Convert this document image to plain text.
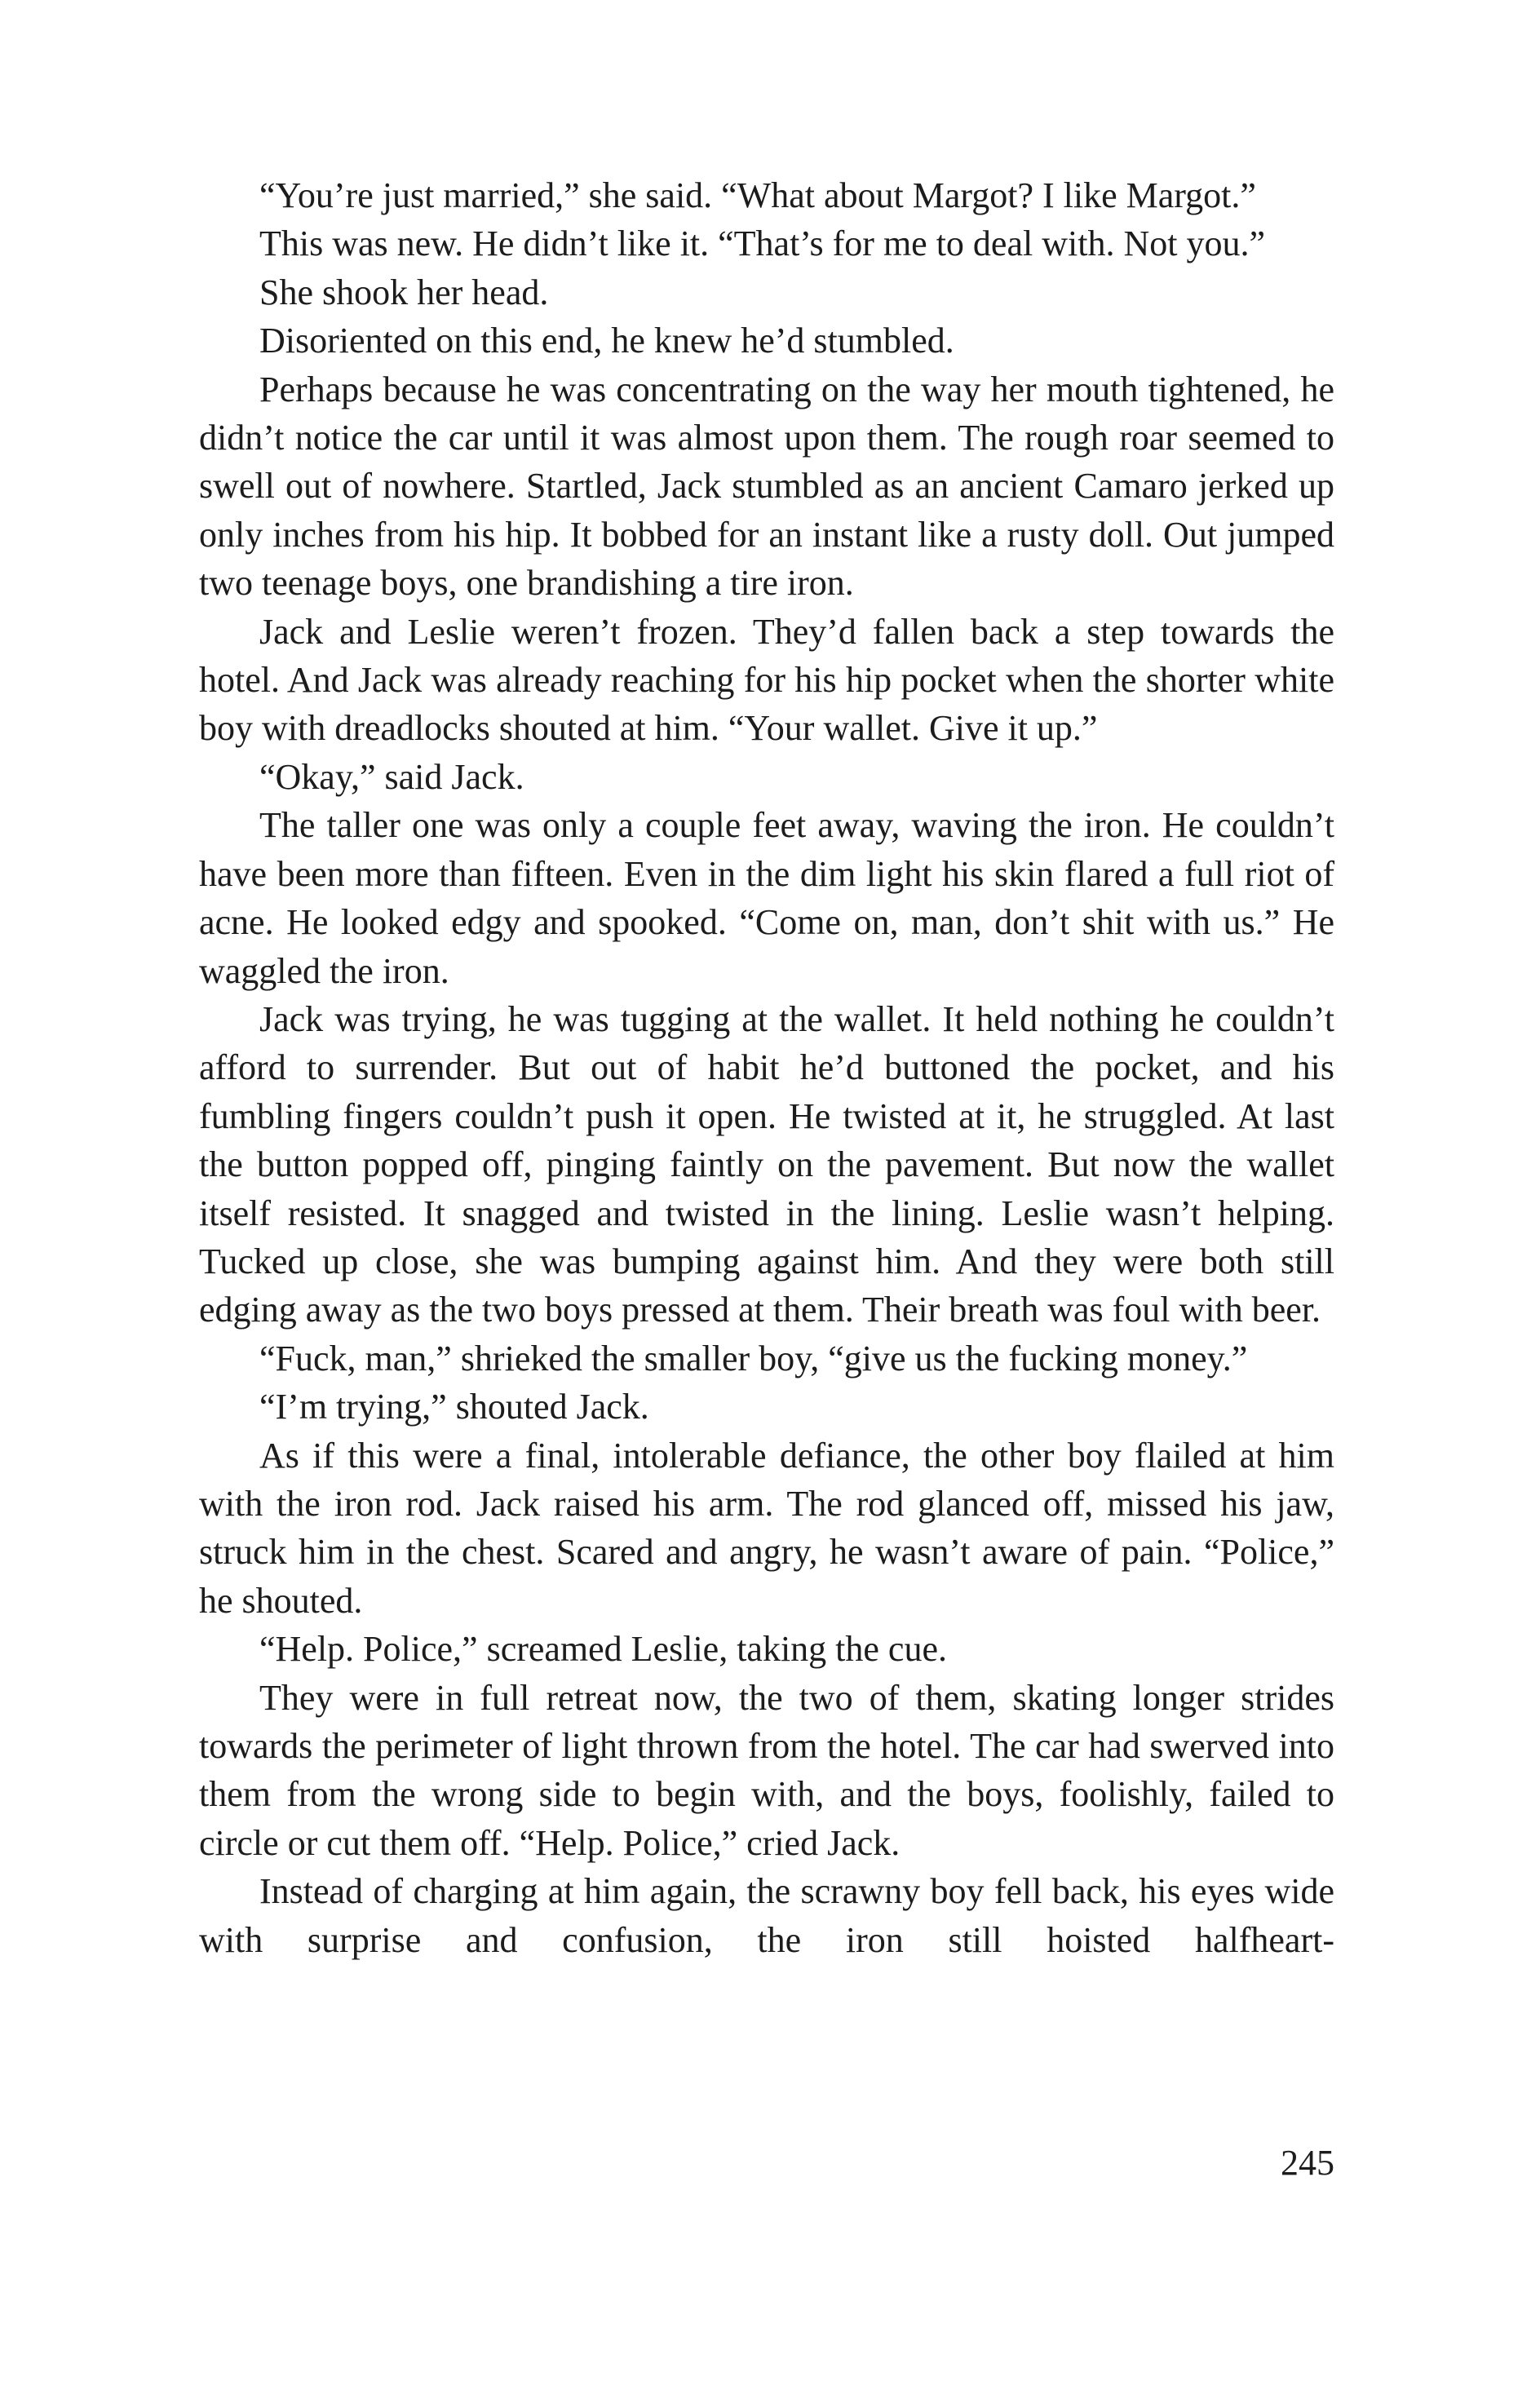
“You’re just married,” she said. “What about Margot? I like Margot.”

This was new. He didn’t like it. “That’s for me to deal with. Not you.”

She shook her head.

Disoriented on this end, he knew he’d stumbled.

Perhaps because he was concentrating on the way her mouth tightened, he didn’t notice the car until it was almost upon them. The rough roar seemed to swell out of nowhere. Startled, Jack stumbled as an ancient Camaro jerked up only inches from his hip. It bobbed for an instant like a rusty doll. Out jumped two teenage boys, one brandishing a tire iron.

Jack and Leslie weren’t frozen. They’d fallen back a step towards the hotel. And Jack was already reaching for his hip pocket when the shorter white boy with dreadlocks shouted at him. “Your wallet. Give it up.”

“Okay,” said Jack.

The taller one was only a couple feet away, waving the iron. He couldn’t have been more than fifteen. Even in the dim light his skin flared a full riot of acne. He looked edgy and spooked. “Come on, man, don’t shit with us.” He waggled the iron.

Jack was trying, he was tugging at the wallet. It held nothing he couldn’t afford to surrender. But out of habit he’d buttoned the pocket, and his fumbling fingers couldn’t push it open. He twisted at it, he struggled. At last the button popped off, pinging faintly on the pavement. But now the wallet itself resisted. It snagged and twisted in the lining. Leslie wasn’t helping. Tucked up close, she was bumping against him. And they were both still edging away as the two boys pressed at them. Their breath was foul with beer.

“Fuck, man,” shrieked the smaller boy, “give us the fucking money.”

“I’m trying,” shouted Jack.

As if this were a final, intolerable defiance, the other boy flailed at him with the iron rod. Jack raised his arm. The rod glanced off, missed his jaw, struck him in the chest. Scared and angry, he wasn’t aware of pain. “Police,” he shouted.

“Help. Police,” screamed Leslie, taking the cue.

They were in full retreat now, the two of them, skating longer strides towards the perimeter of light thrown from the hotel. The car had swerved into them from the wrong side to begin with, and the boys, foolishly, failed to circle or cut them off. “Help. Police,” cried Jack.

Instead of charging at him again, the scrawny boy fell back, his eyes wide with surprise and confusion, the iron still hoisted halfheart-

245
